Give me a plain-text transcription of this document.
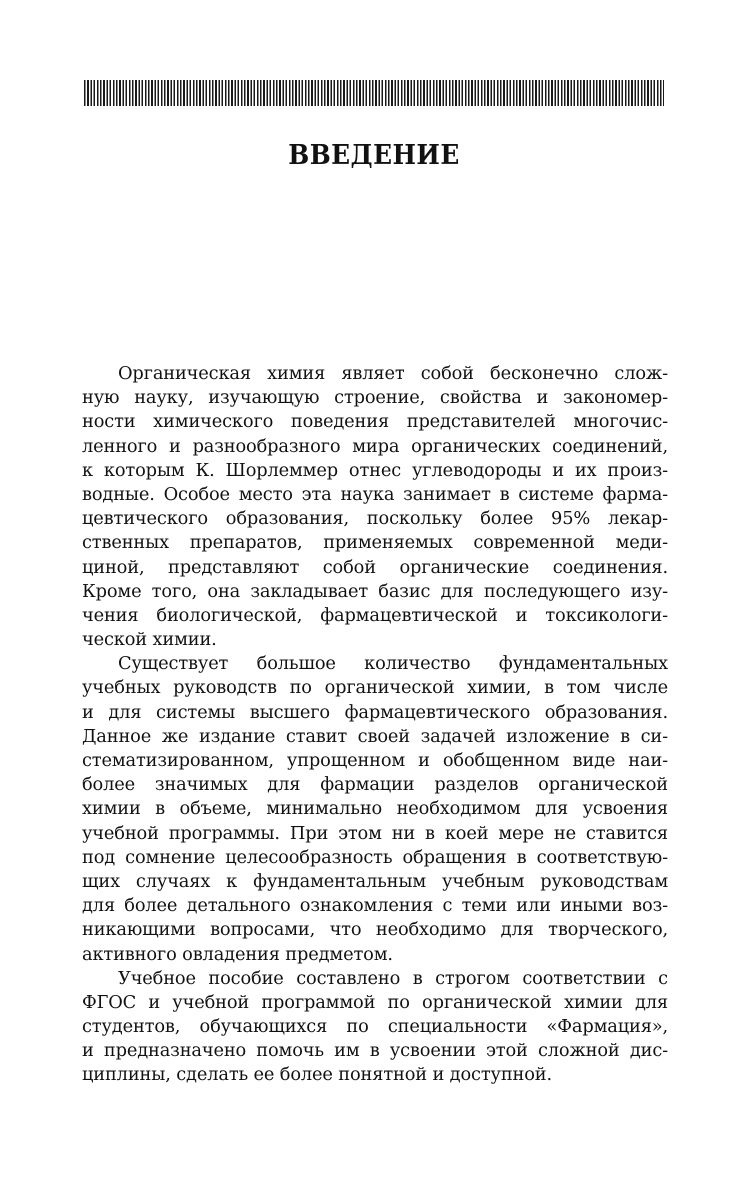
ВВЕДЕНИЕ
Органическая химия являет собой бесконечно слож-
ную науку, изучающую строение, свойства и закономер-
ности химического поведения представителей многочис-
ленного и разнообразного мира органических соединений,
к которым К. Шорлеммер отнес углеводороды и их произ-
водные. Особое место эта наука занимает в системе фарма-
цевтического образования, поскольку более 95% лекар-
ственных препаратов, применяемых современной меди-
циной, представляют собой органические соединения.
Кроме того, она закладывает базис для последующего изу-
чения биологической, фармацевтической и токсикологи-
ческой химии.
Существует большое количество фундаментальных
учебных руководств по органической химии, в том числе
и для системы высшего фармацевтического образования.
Данное же издание ставит своей задачей изложение в си-
стематизированном, упрощенном и обобщенном виде наи-
более значимых для фармации разделов органической
химии в объеме, минимально необходимом для усвоения
учебной программы. При этом ни в коей мере не ставится
под сомнение целесообразность обращения в соответствую-
щих случаях к фундаментальным учебным руководствам
для более детального ознакомления с теми или иными воз-
никающими вопросами, что необходимо для творческого,
активного овладения предметом.
Учебное пособие составлено в строгом соответствии с
ФГОС и учебной программой по органической химии для
студентов, обучающихся по специальности «Фармация»,
и предназначено помочь им в усвоении этой сложной дис-
циплины, сделать ее более понятной и доступной.
